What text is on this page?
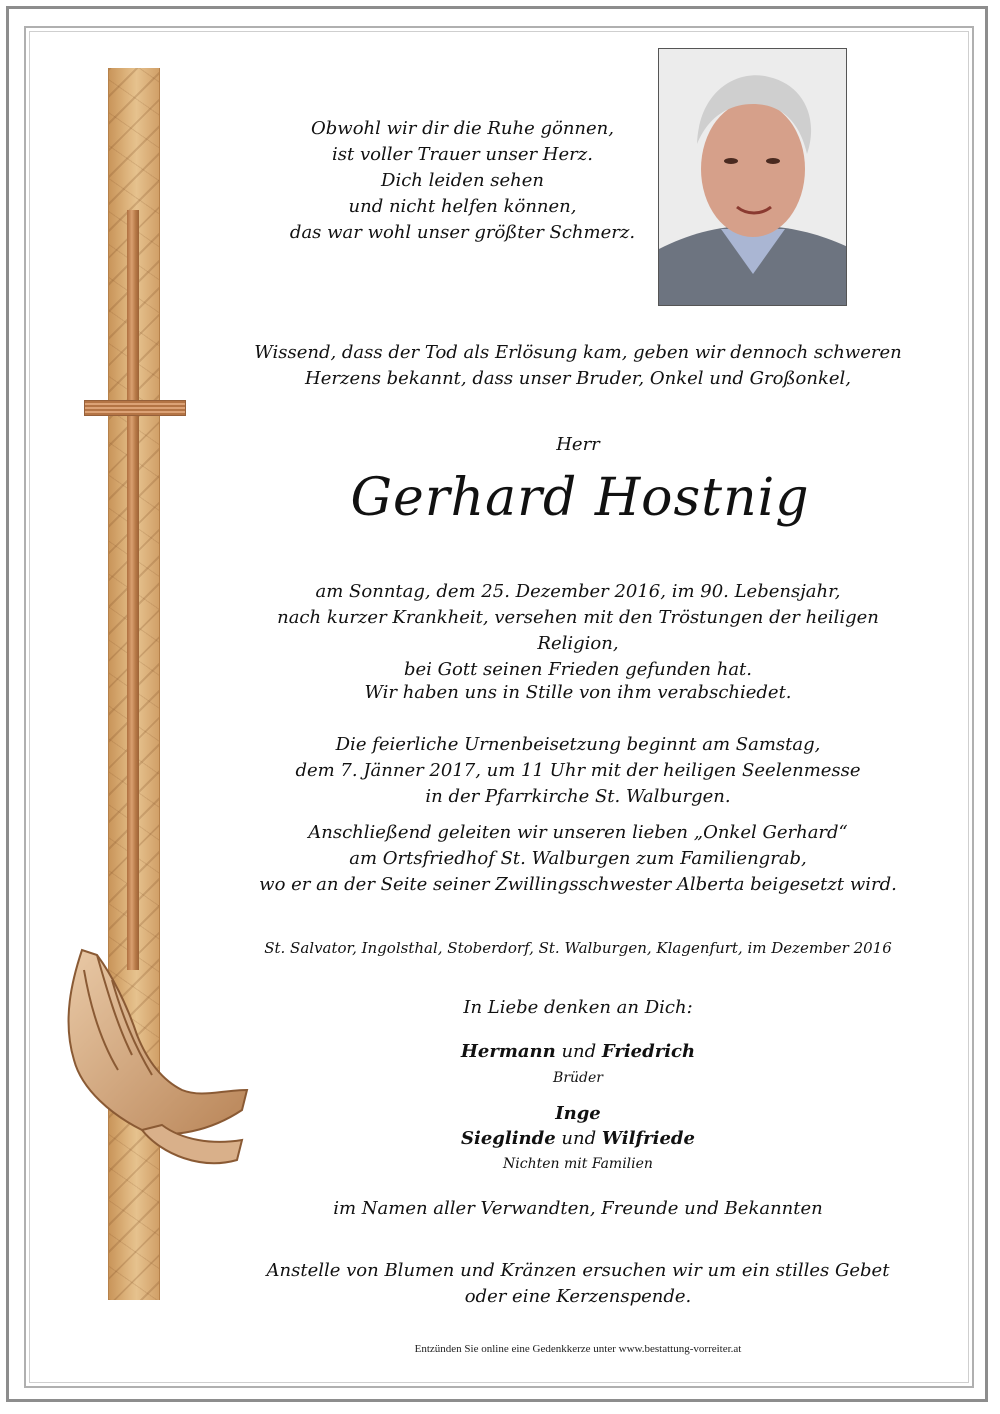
Obwohl wir dir die Ruhe gönnen,
ist voller Trauer unser Herz.
Dich leiden sehen
und nicht helfen können,
das war wohl unser größter Schmerz.
Wissend, dass der Tod als Erlösung kam, geben wir dennoch schweren
Herzens bekannt, dass unser Bruder, Onkel und Großonkel,
Herr
Gerhard Hostnig
am Sonntag, dem 25. Dezember 2016, im 90. Lebensjahr,
nach kurzer Krankheit, versehen mit den Tröstungen der heiligen Religion,
bei Gott seinen Frieden gefunden hat.
Wir haben uns in Stille von ihm verabschiedet.
Die feierliche Urnenbeisetzung beginnt am Samstag,
dem 7. Jänner 2017, um 11 Uhr mit der heiligen Seelenmesse
in der Pfarrkirche St. Walburgen.
Anschließend geleiten wir unseren lieben „Onkel Gerhard“
am Ortsfriedhof St. Walburgen zum Familiengrab,
wo er an der Seite seiner Zwillingsschwester Alberta beigesetzt wird.
St. Salvator, Ingolsthal, Stoberdorf, St. Walburgen, Klagenfurt, im Dezember 2016
In Liebe denken an Dich:
Hermann und Friedrich
Brüder
Inge
Sieglinde und Wilfriede
Nichten mit Familien
im Namen aller Verwandten, Freunde und Bekannten
Anstelle von Blumen und Kränzen ersuchen wir um ein stilles Gebet
oder eine Kerzenspende.
Entzünden Sie online eine Gedenkkerze unter www.bestattung-vorreiter.at
